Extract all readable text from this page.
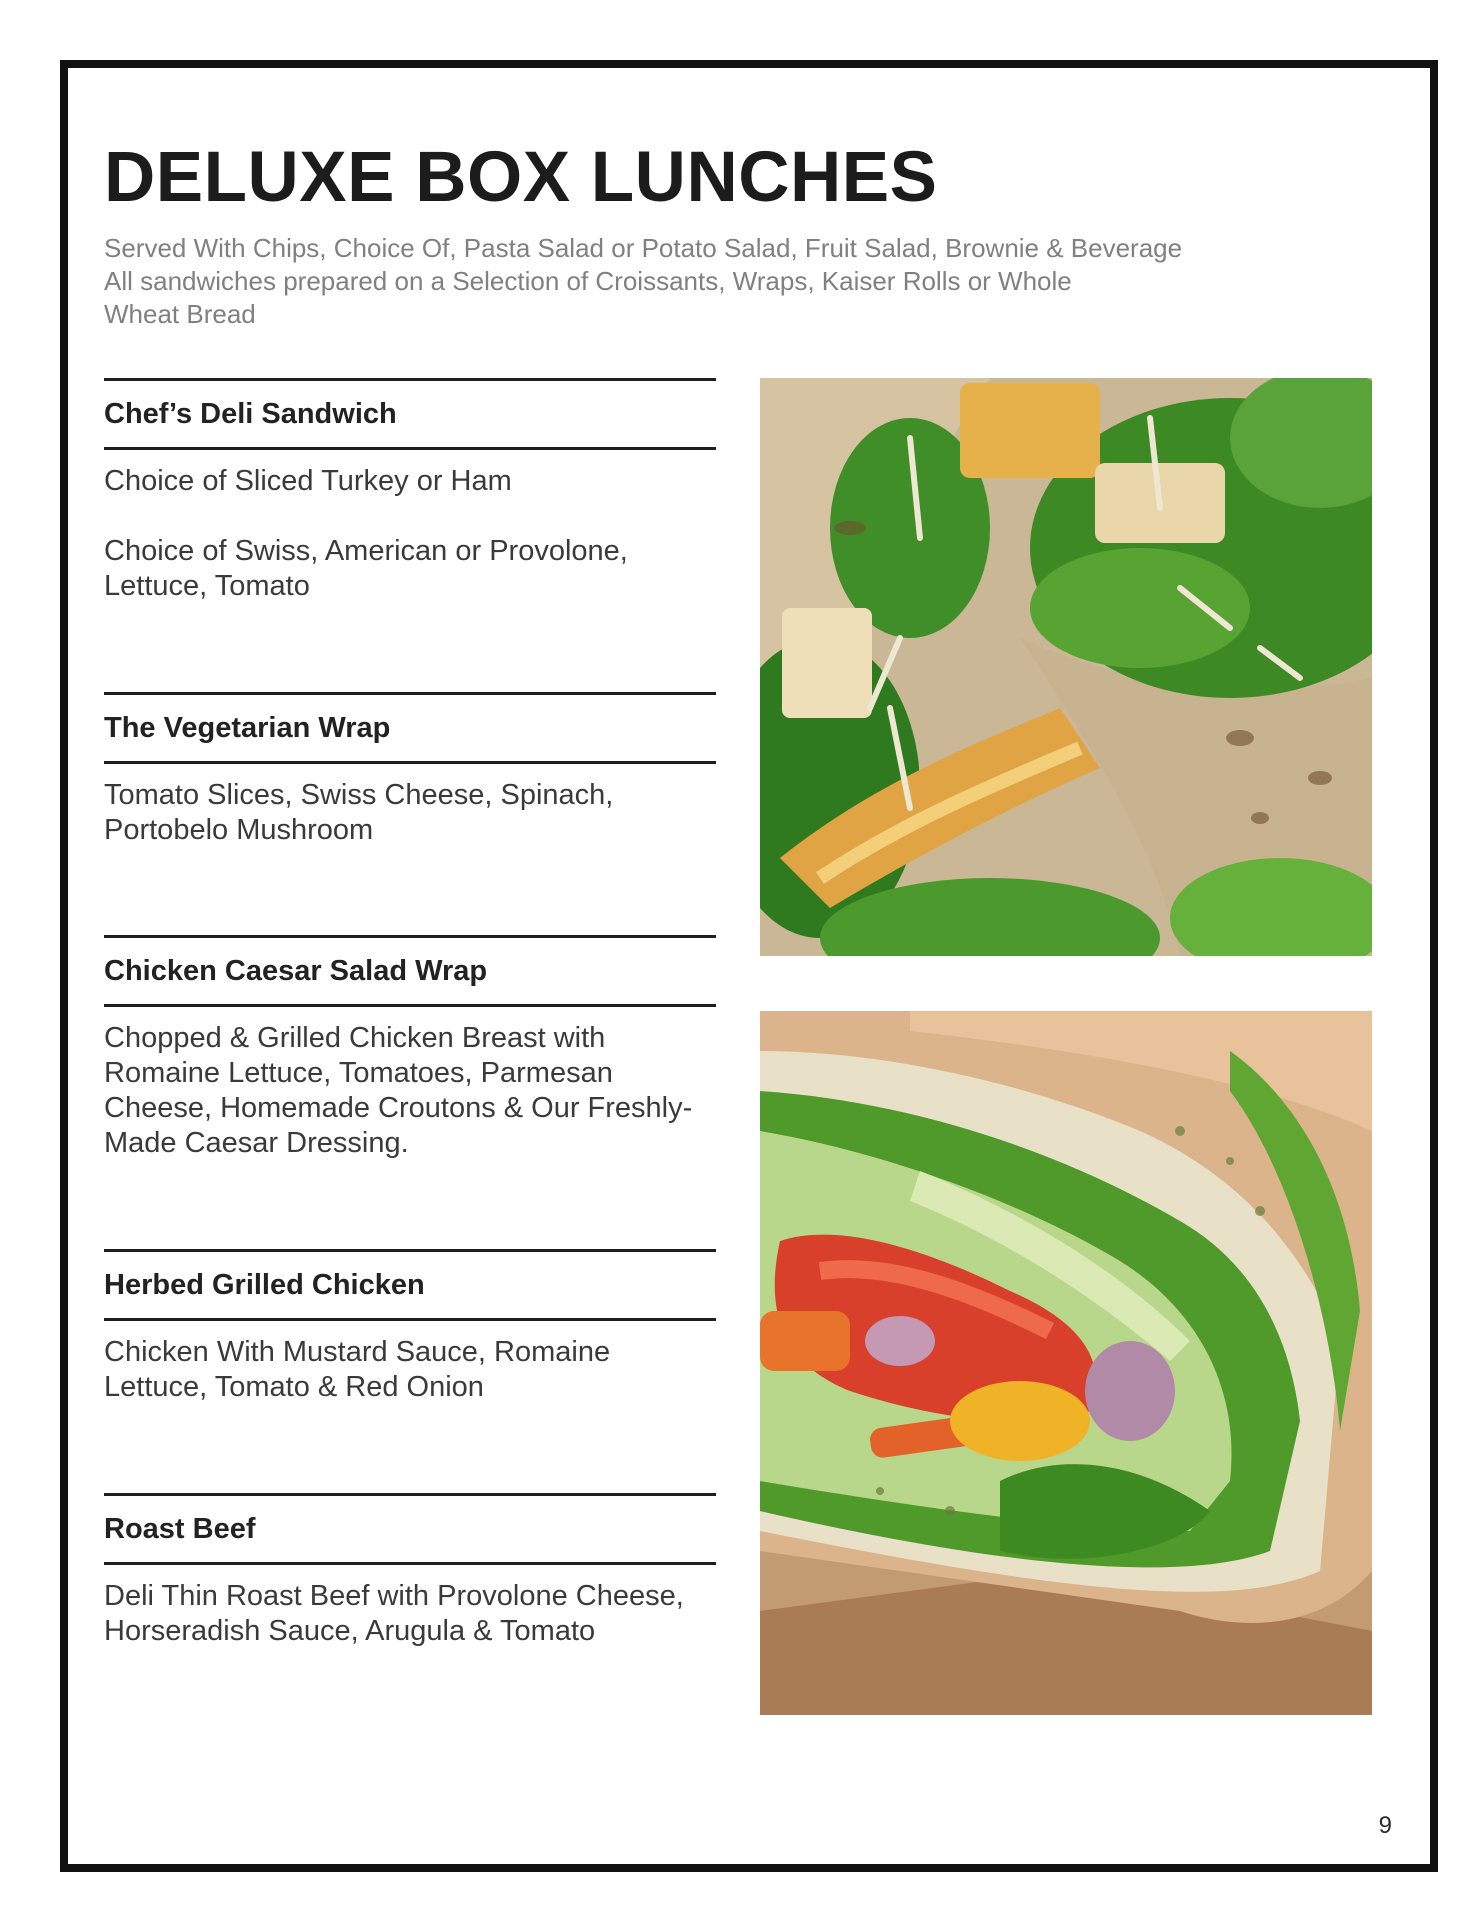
DELUXE BOX LUNCHES
Served With Chips, Choice Of, Pasta Salad or Potato Salad, Fruit Salad, Brownie & Beverage
All sandwiches prepared on a Selection of Croissants, Wraps, Kaiser Rolls or Whole
Wheat Bread
Chef’s Deli Sandwich

Choice of Sliced Turkey or Ham

Choice of Swiss, American or Provolone, Lettuce, Tomato

The Vegetarian Wrap

Tomato Slices, Swiss Cheese, Spinach,  Portobelo Mushroom

Chicken Caesar Salad Wrap

Chopped & Grilled Chicken Breast with Romaine Lettuce, Tomatoes, Parmesan Cheese, Homemade Croutons & Our Freshly-Made Caesar Dressing.

Herbed Grilled Chicken

Chicken With Mustard Sauce, Romaine Lettuce, Tomato & Red Onion

Roast Beef

Deli Thin Roast Beef with Provolone Cheese, Horseradish Sauce, Arugula & Tomato

9
